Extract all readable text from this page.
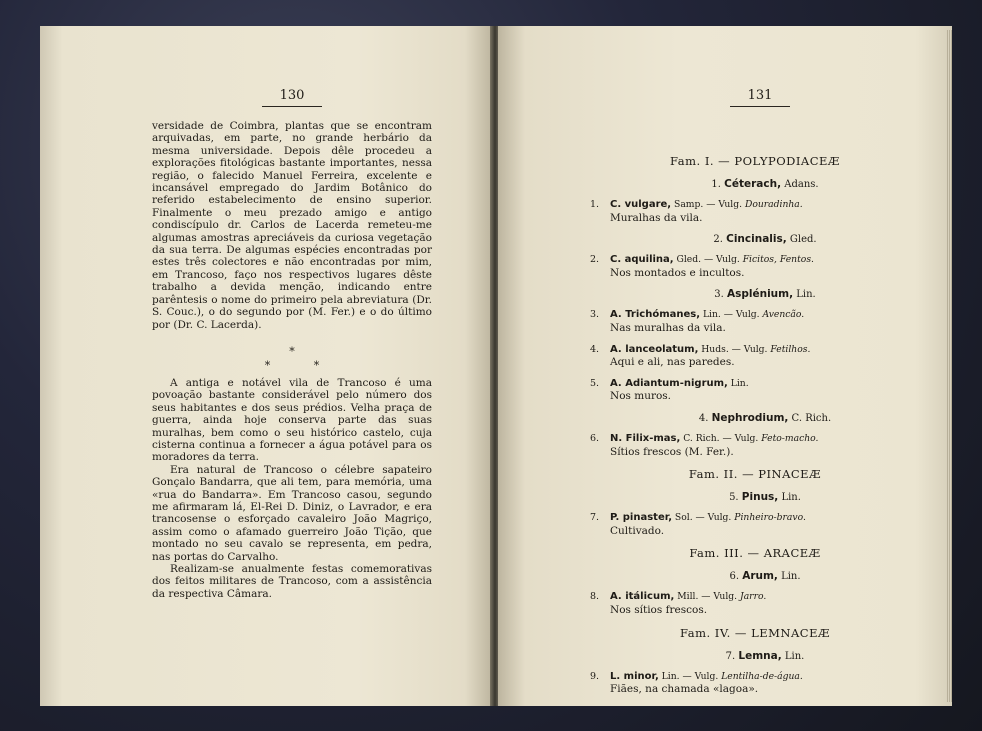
130

versidade de Coimbra, plantas que se encontram arquivadas, em parte, no grande herbário da mesma universidade. Depois dêle procedeu a explorações fitológicas bastante importantes, nessa região, o falecido Manuel Ferreira, excelente e incansável empregado do Jardim Botânico do referido estabelecimento de ensino superior. Finalmente o meu prezado amigo e antigo condiscípulo dr. Carlos de Lacerda remeteu-me algumas amostras apreciáveis da curiosa vegetação da sua terra. De algumas espécies encontradas por estes três colectores e não encontradas por mim, em Trancoso, faço nos respectivos lugares dêste trabalho a devida menção, indicando entre parêntesis o nome do primeiro pela abreviatura (Dr. S. Couc.), o do segundo por (M. Fer.) e o do último por (Dr. C. Lacerda).

*
* *

A antiga e notável vila de Trancoso é uma povoação bastante considerável pelo número dos seus habitantes e dos seus prédios. Velha praça de guerra, ainda hoje conserva parte das suas muralhas, bem como o seu histórico castelo, cuja cisterna continua a fornecer a água potável para os moradores da terra.

Era natural de Trancoso o célebre sapateiro Gonçalo Bandarra, que ali tem, para memória, uma «rua do Bandarra». Em Trancoso casou, segundo me afirmaram lá, El-Rei D. Diniz, o Lavrador, e era trancosense o esforçado cavaleiro João Magriço, assim como o afamado guerreiro João Tição, que montado no seu cavalo se representa, em pedra, nas portas do Carvalho.

Realizam-se anualmente festas comemorativas dos feitos militares de Trancoso, com a assistência da respectiva Câmara.

131
Fam. I. — POLYPODIACEÆ
1. Céterach, Adans.
1.	C. vulgare, Samp. — Vulg. Douradinha.
Muralhas da vila.
2. Cincinalis, Gled.
2.	C. aquilina, Gled. — Vulg. Ficitos, Fentos.
Nos montados e incultos.
3. Asplénium, Lin.
3.	A. Trichómanes, Lin. — Vulg. Avencão.
Nas muralhas da vila.
4.	A. lanceolatum, Huds. — Vulg. Fetilhos.
Aqui e ali, nas paredes.
5.	A. Adiantum-nigrum, Lin.
Nos muros.
4. Nephrodium, C. Rich.
6.	N. Filix-mas, C. Rich. — Vulg. Feto-macho.
Sítios frescos (M. Fer.).
Fam. II. — PINACEÆ
5. Pinus, Lin.
7.	P. pinaster, Sol. — Vulg. Pinheiro-bravo.
Cultivado.
Fam. III. — ARACEÆ
6. Arum, Lin.
8.	A. itálicum, Mill. — Vulg. Jarro.
Nos sítios frescos.
Fam. IV. — LEMNACEÆ
7. Lemna, Lin.
9.	L. minor, Lin. — Vulg. Lentilha-de-água.
Fiães, na chamada «lagoa».
